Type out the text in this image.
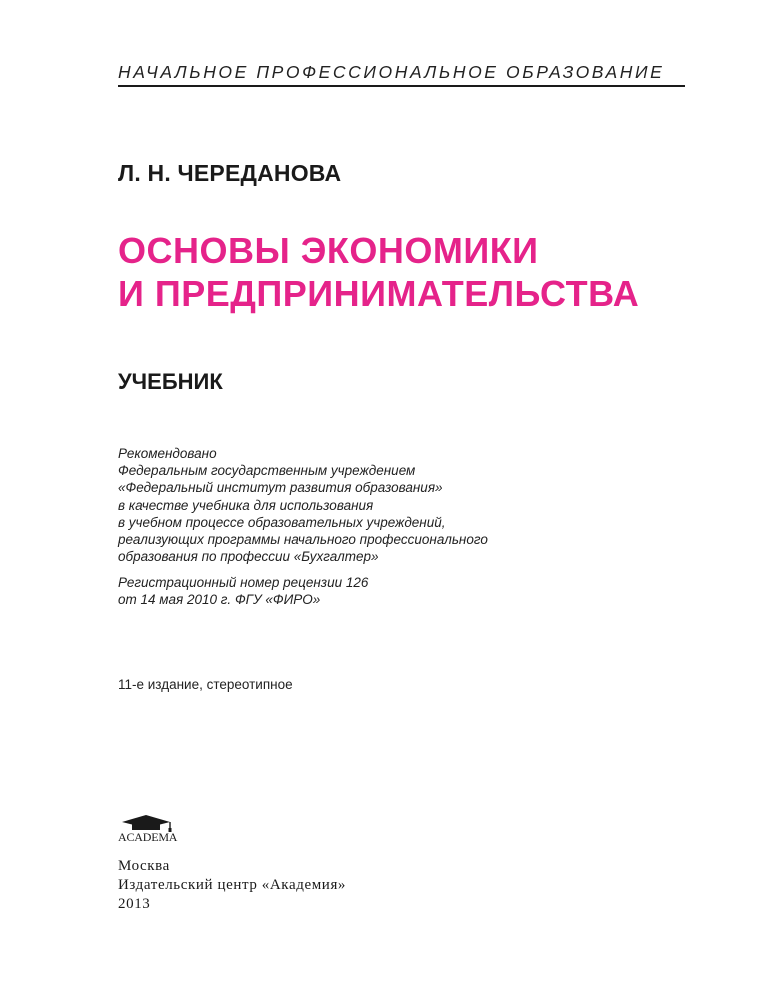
НАЧАЛЬНОЕ ПРОФЕССИОНАЛЬНОЕ ОБРАЗОВАНИЕ
Л. Н. ЧЕРЕДАНОВА
ОСНОВЫ ЭКОНОМИКИ
И ПРЕДПРИНИМАТЕЛЬСТВА
УЧЕБНИК
Рекомендовано
Федеральным государственным учреждением
«Федеральный институт развития образования»
в качестве учебника для использования
в учебном процессе образовательных учреждений,
реализующих программы начального профессионального
образования по профессии «Бухгалтер»
Регистрационный номер рецензии 126
от 14 мая 2010 г. ФГУ «ФИРО»
11-е издание, стереотипное
ACADEMA
Москва
Издательский центр «Академия»
2013
